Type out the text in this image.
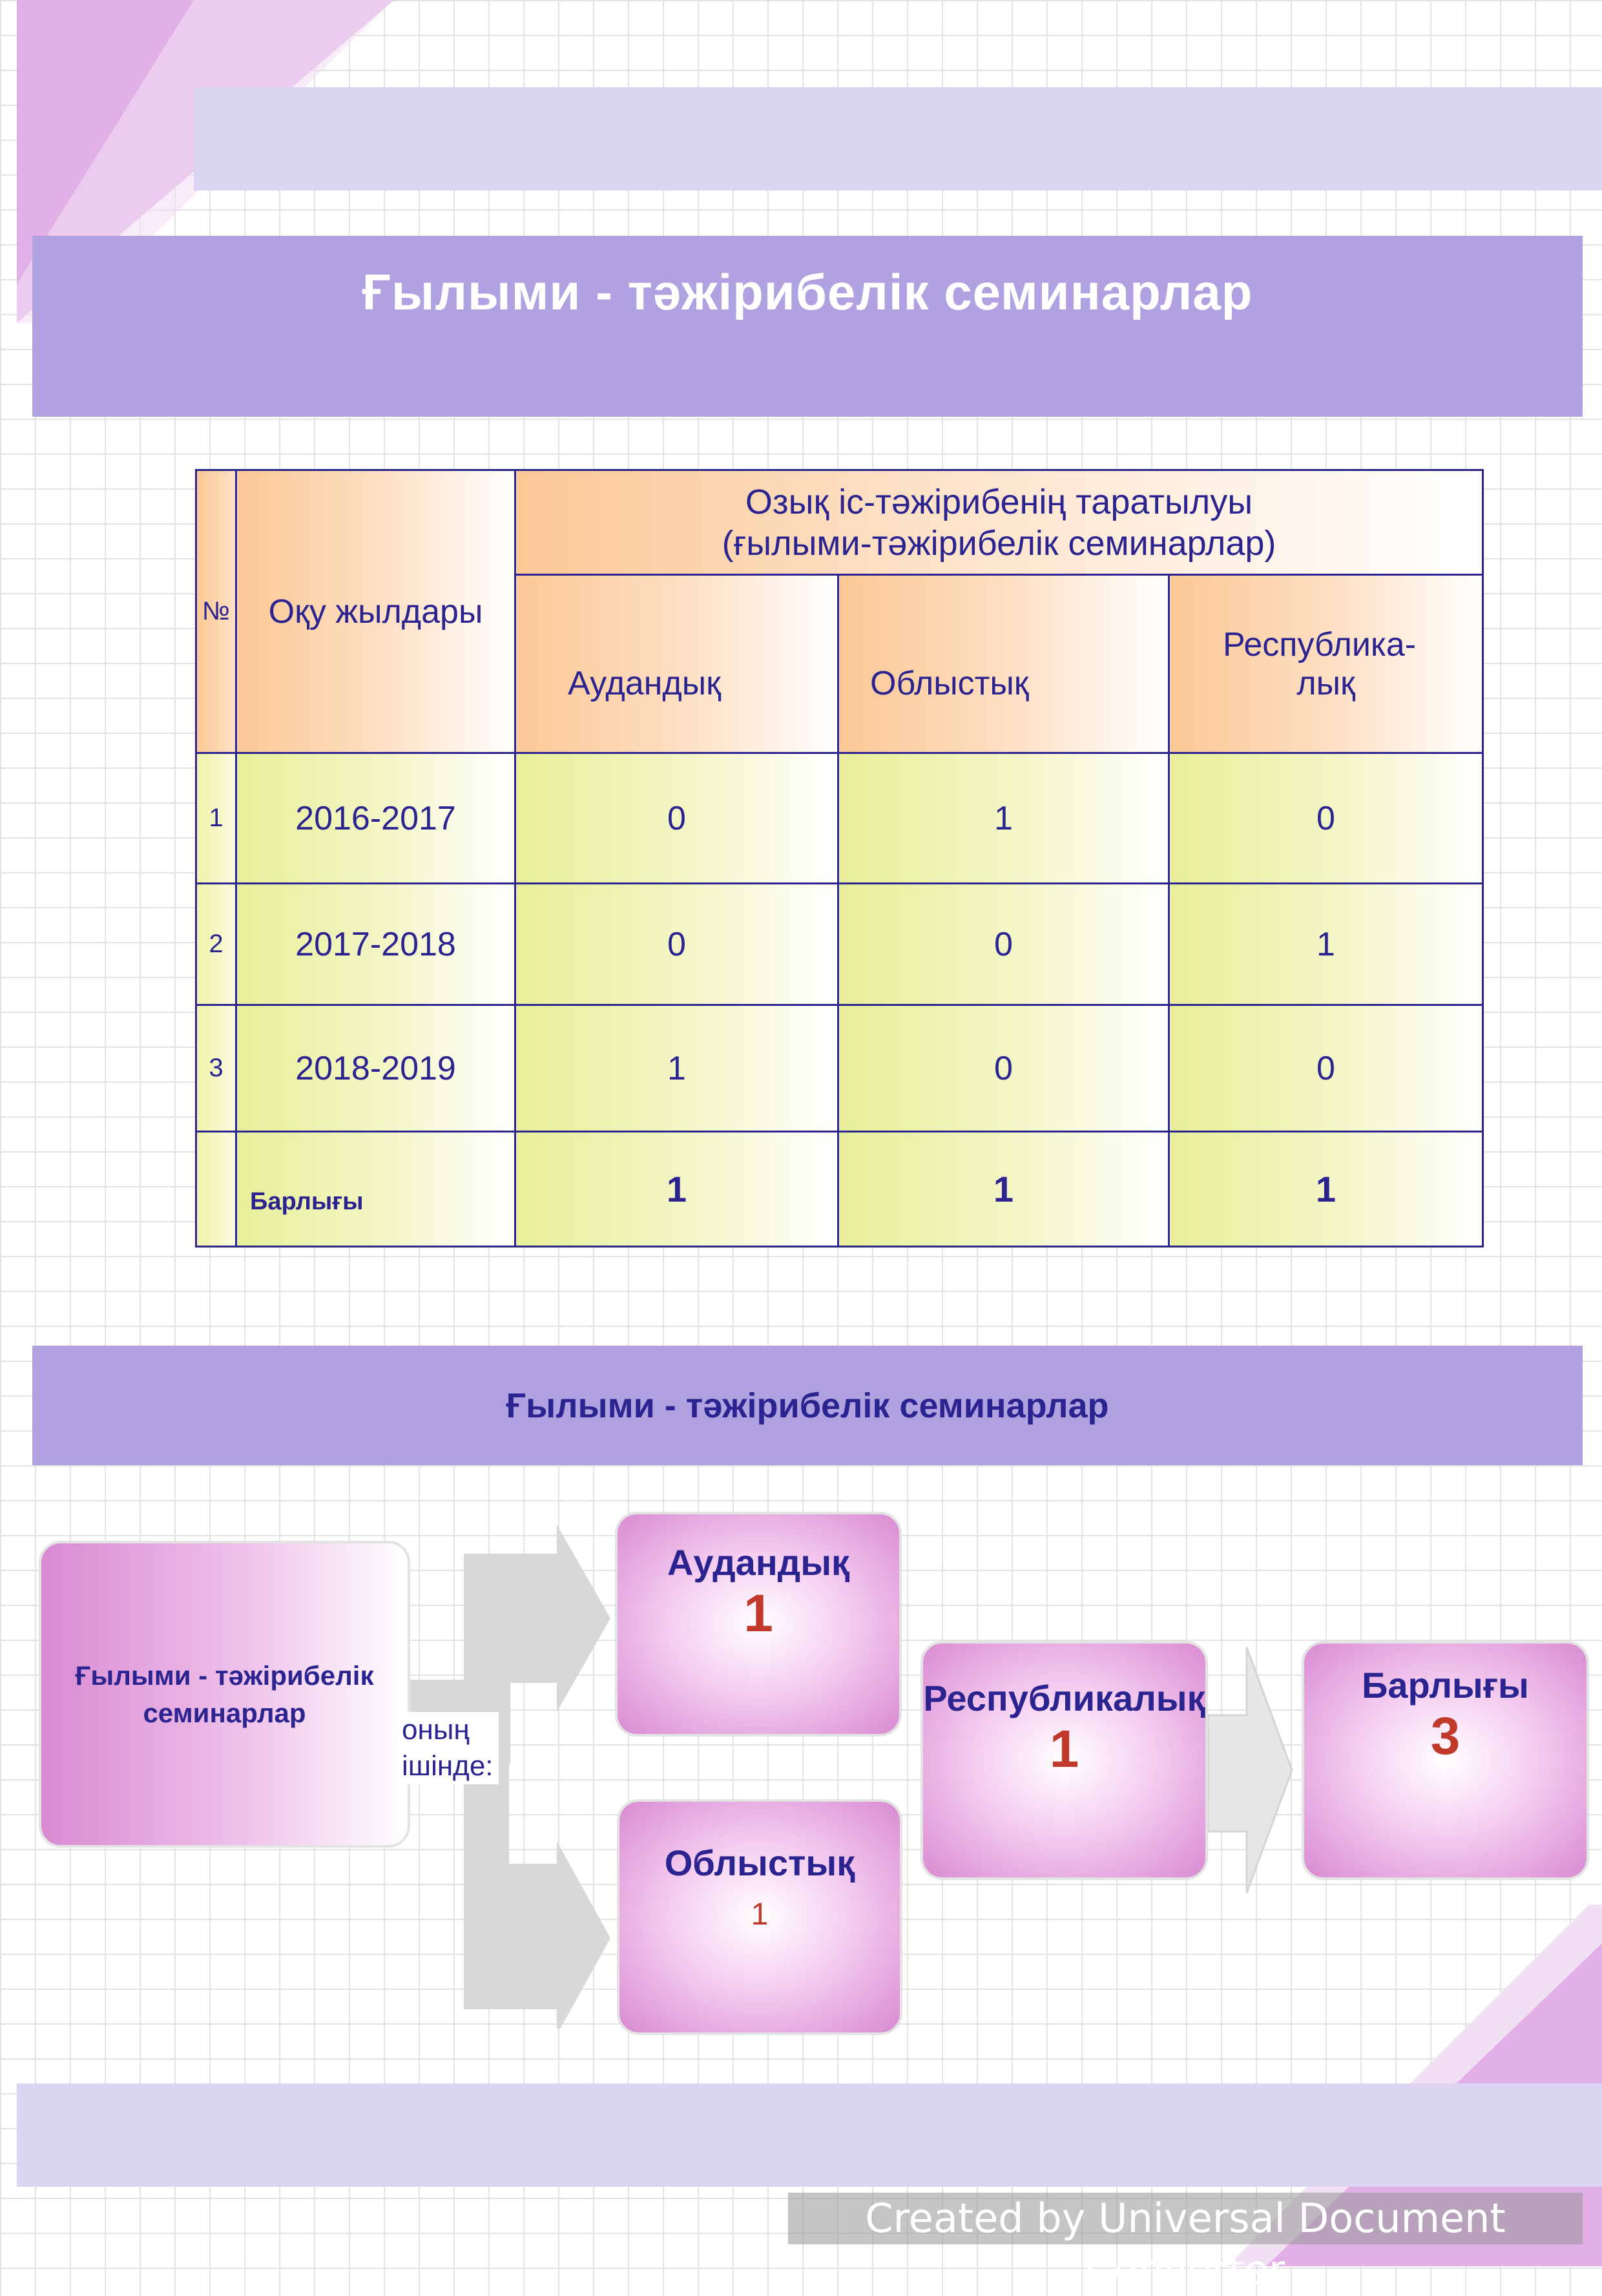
Ғылыми - тәжірибелік семинарлар
№	Оқу жылдары	Озық іс-тәжірибенің таратылуы
(ғылыми-тәжірибелік семинарлар)		

		Аудандық	Облыстық	Республика-
лық

1	2016-2017	0	1	0
2	2017-2018	0	0	1
3	2018-2019	1	0	0
	Барлығы	1	1	1
Ғылыми - тәжірибелік семинарлар
Ғылыми - тәжірибелік
семинарлар
оның
ішінде:
Аудандық
1
Облыстық
1
Республикалық
1
Барлығы
3
Created by Universal Document Converter
